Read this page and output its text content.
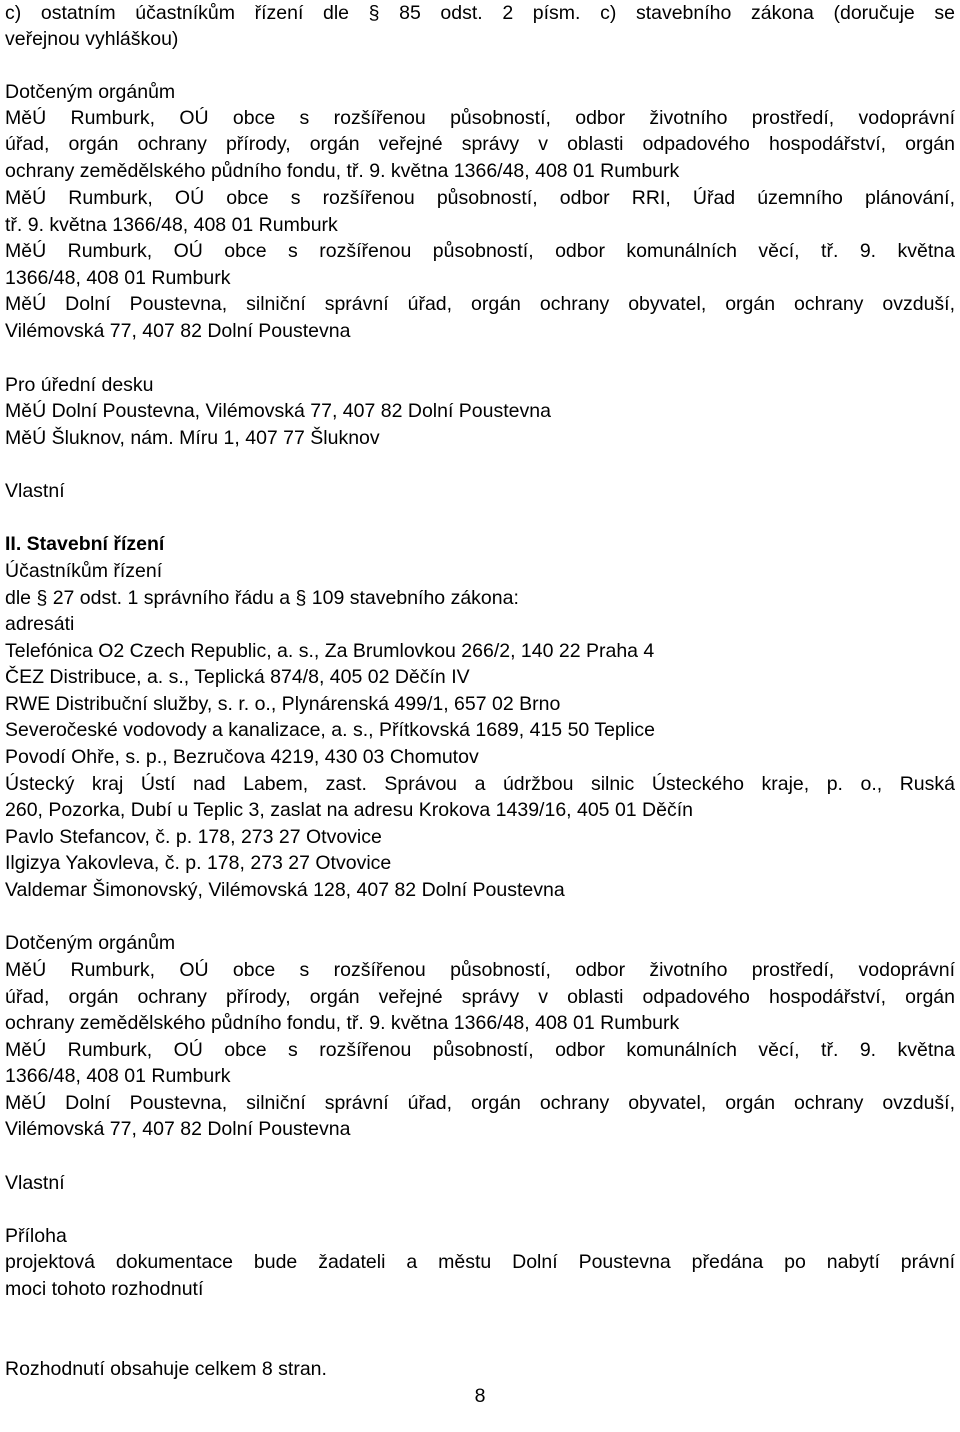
c) ostatním účastníkům řízení dle § 85 odst. 2 písm. c) stavebního zákona (doručuje se
veřejnou vyhláškou)
Dotčeným orgánům
MěÚ Rumburk, OÚ obce s rozšířenou působností, odbor životního prostředí, vodoprávní
úřad, orgán ochrany přírody, orgán veřejné správy v oblasti odpadového hospodářství, orgán
ochrany zemědělského půdního fondu, tř. 9. května 1366/48, 408 01 Rumburk
MěÚ Rumburk, OÚ obce s rozšířenou působností, odbor RRI, Úřad územního plánování,
tř. 9. května 1366/48, 408 01 Rumburk
MěÚ Rumburk, OÚ obce s rozšířenou působností, odbor komunálních věcí, tř. 9. května
1366/48, 408 01 Rumburk
MěÚ Dolní Poustevna, silniční správní úřad, orgán ochrany obyvatel, orgán ochrany ovzduší,
Vilémovská 77, 407 82 Dolní Poustevna
Pro úřední desku
MěÚ Dolní Poustevna, Vilémovská 77, 407 82 Dolní Poustevna
MěÚ Šluknov, nám. Míru 1, 407 77 Šluknov
Vlastní
II. Stavební řízení
Účastníkům řízení
dle § 27 odst. 1 správního řádu a § 109 stavebního zákona:
adresáti
Telefónica O2 Czech Republic, a. s., Za Brumlovkou 266/2, 140 22 Praha 4
ČEZ Distribuce, a. s., Teplická 874/8, 405 02 Děčín IV
RWE Distribuční služby, s. r. o., Plynárenská 499/1, 657 02 Brno
Severočeské vodovody a kanalizace, a. s., Přítkovská 1689, 415 50 Teplice
Povodí Ohře, s. p., Bezručova 4219, 430 03 Chomutov
Ústecký kraj Ústí nad Labem, zast. Správou a údržbou silnic Ústeckého kraje, p. o., Ruská
260, Pozorka, Dubí u Teplic 3, zaslat na adresu Krokova 1439/16, 405 01 Děčín
Pavlo Stefancov, č. p. 178, 273 27 Otvovice
Ilgizya Yakovleva, č. p. 178, 273 27 Otvovice
Valdemar Šimonovský, Vilémovská 128, 407 82 Dolní Poustevna
Dotčeným orgánům
MěÚ Rumburk, OÚ obce s rozšířenou působností, odbor životního prostředí, vodoprávní
úřad, orgán ochrany přírody, orgán veřejné správy v oblasti odpadového hospodářství, orgán
ochrany zemědělského půdního fondu, tř. 9. května 1366/48, 408 01 Rumburk
MěÚ Rumburk, OÚ obce s rozšířenou působností, odbor komunálních věcí, tř. 9. května
1366/48, 408 01 Rumburk
MěÚ Dolní Poustevna, silniční správní úřad, orgán ochrany obyvatel, orgán ochrany ovzduší,
Vilémovská 77, 407 82 Dolní Poustevna
Vlastní
Příloha
projektová dokumentace bude žadateli a městu Dolní Poustevna předána po nabytí právní
moci tohoto rozhodnutí
Rozhodnutí obsahuje celkem 8 stran.
8
